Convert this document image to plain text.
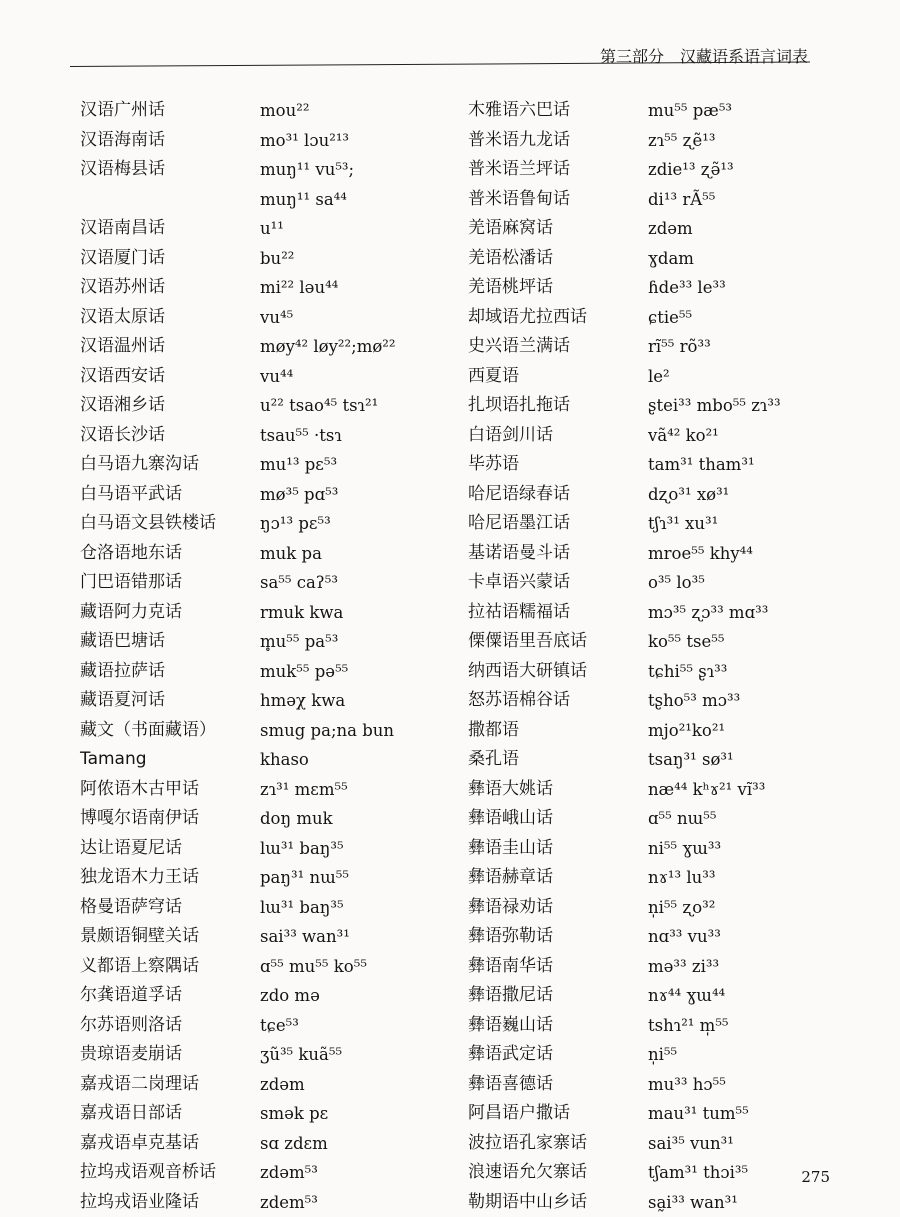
第三部分　汉藏语系语言词表
汉语广州话	mou²²
汉语海南话	mo³¹ lɔu²¹³
汉语梅县话	muŋ¹¹ vu⁵³;
muŋ¹¹ sa⁴⁴
汉语南昌话	u¹¹
汉语厦门话	bu²²
汉语苏州话	mi²² ləu⁴⁴
汉语太原话	vu⁴⁵
汉语温州话	møy⁴² løy²²;mø²²
汉语西安话	vu⁴⁴
汉语湘乡话	u²² tsao⁴⁵ tsɿ²¹
汉语长沙话	tsau⁵⁵ ·tsɿ
白马语九寨沟话	mu¹³ pɛ⁵³
白马语平武话	mø³⁵ pɑ⁵³
白马语文县铁楼话	ŋɔ¹³ pɛ⁵³
仓洛语地东话	muk pa
门巴语错那话	sa⁵⁵ caʔ⁵³
藏语阿力克话	rmuk kwa
藏语巴塘话	m̥u⁵⁵ pa⁵³
藏语拉萨话	muk⁵⁵ pə⁵⁵
藏语夏河话	hməχ kwa
藏文（书面藏语）	smug pa;na bun
Tamang	khaso
阿侬语木古甲话	zɿ³¹ mɛm⁵⁵
博嘎尔语南伊话	doŋ muk
达让语夏尼话	lɯ³¹ baŋ³⁵
独龙语木力王话	paŋ³¹ nɯ⁵⁵
格曼语萨穹话	lɯ³¹ baŋ³⁵
景颇语铜壁关话	sai³³ wan³¹
义都语上察隅话	ɑ⁵⁵ mu⁵⁵ ko⁵⁵
尔龚语道孚话	zdo mə
尔苏语则洛话	tɕe⁵³
贵琼语麦崩话	ʒũ³⁵ kuã⁵⁵
嘉戎语二岗理话	zdəm
嘉戎语日部话	smək pɛ
嘉戎语卓克基话	sɑ zdɛm
拉坞戎语观音桥话	zdəm⁵³
拉坞戎语业隆话	zdem⁵³
木雅语六巴话	mu⁵⁵ pæ⁵³
普米语九龙话	zɿ⁵⁵ ʐẽ¹³
普米语兰坪话	zdie¹³ ʐə̃¹³
普米语鲁甸话	di¹³ rÃ⁵⁵
羌语麻窝话	zdəm
羌语松潘话	ɣdam
羌语桃坪话	ɦde³³ le³³
却域语尤拉西话	ɕtie⁵⁵
史兴语兰满话	rĩ⁵⁵ rõ³³
西夏语	le²
扎坝语扎拖话	ʂtei³³ mbo⁵⁵ zɿ³³
白语剑川话	vã⁴² ko²¹
毕苏语	tam³¹ tham³¹
哈尼语绿春话	dʐo³¹ xø³¹
哈尼语墨江话	tʃɿ³¹ xu³¹
基诺语曼斗话	mroe⁵⁵ khy⁴⁴
卡卓语兴蒙话	o³⁵ lo³⁵
拉祜语糯福话	mɔ³⁵ ʐɔ³³ mɑ³³
傈僳语里吾底话	ko⁵⁵ tse⁵⁵
纳西语大研镇话	tɕhi⁵⁵ ʂɿ³³
怒苏语棉谷话	tʂho⁵³ mɔ³³
撒都语	mjo²¹ko²¹
桑孔语	tsaŋ³¹ sø³¹
彝语大姚话	næ⁴⁴ kʰɤ²¹ vĩ³³
彝语峨山话	ɑ⁵⁵ nɯ⁵⁵
彝语圭山话	ni⁵⁵ ɣɯ³³
彝语赫章话	nɤ¹³ lu³³
彝语禄劝话	n̩i⁵⁵ ʐo³²
彝语弥勒话	nɑ³³ vu³³
彝语南华话	mə³³ zi³³
彝语撒尼话	nɤ⁴⁴ ɣɯ⁴⁴
彝语巍山话	tshɿ²¹ m̩⁵⁵
彝语武定话	n̩i⁵⁵
彝语喜德话	mu³³ hɔ⁵⁵
阿昌语户撒话	mau³¹ tum⁵⁵
波拉语孔家寨话	sai³⁵ vun³¹
浪速语允欠寨话	tʃam³¹ thɔi³⁵
勒期语中山乡话	sa̰i³³ wan³¹
275
